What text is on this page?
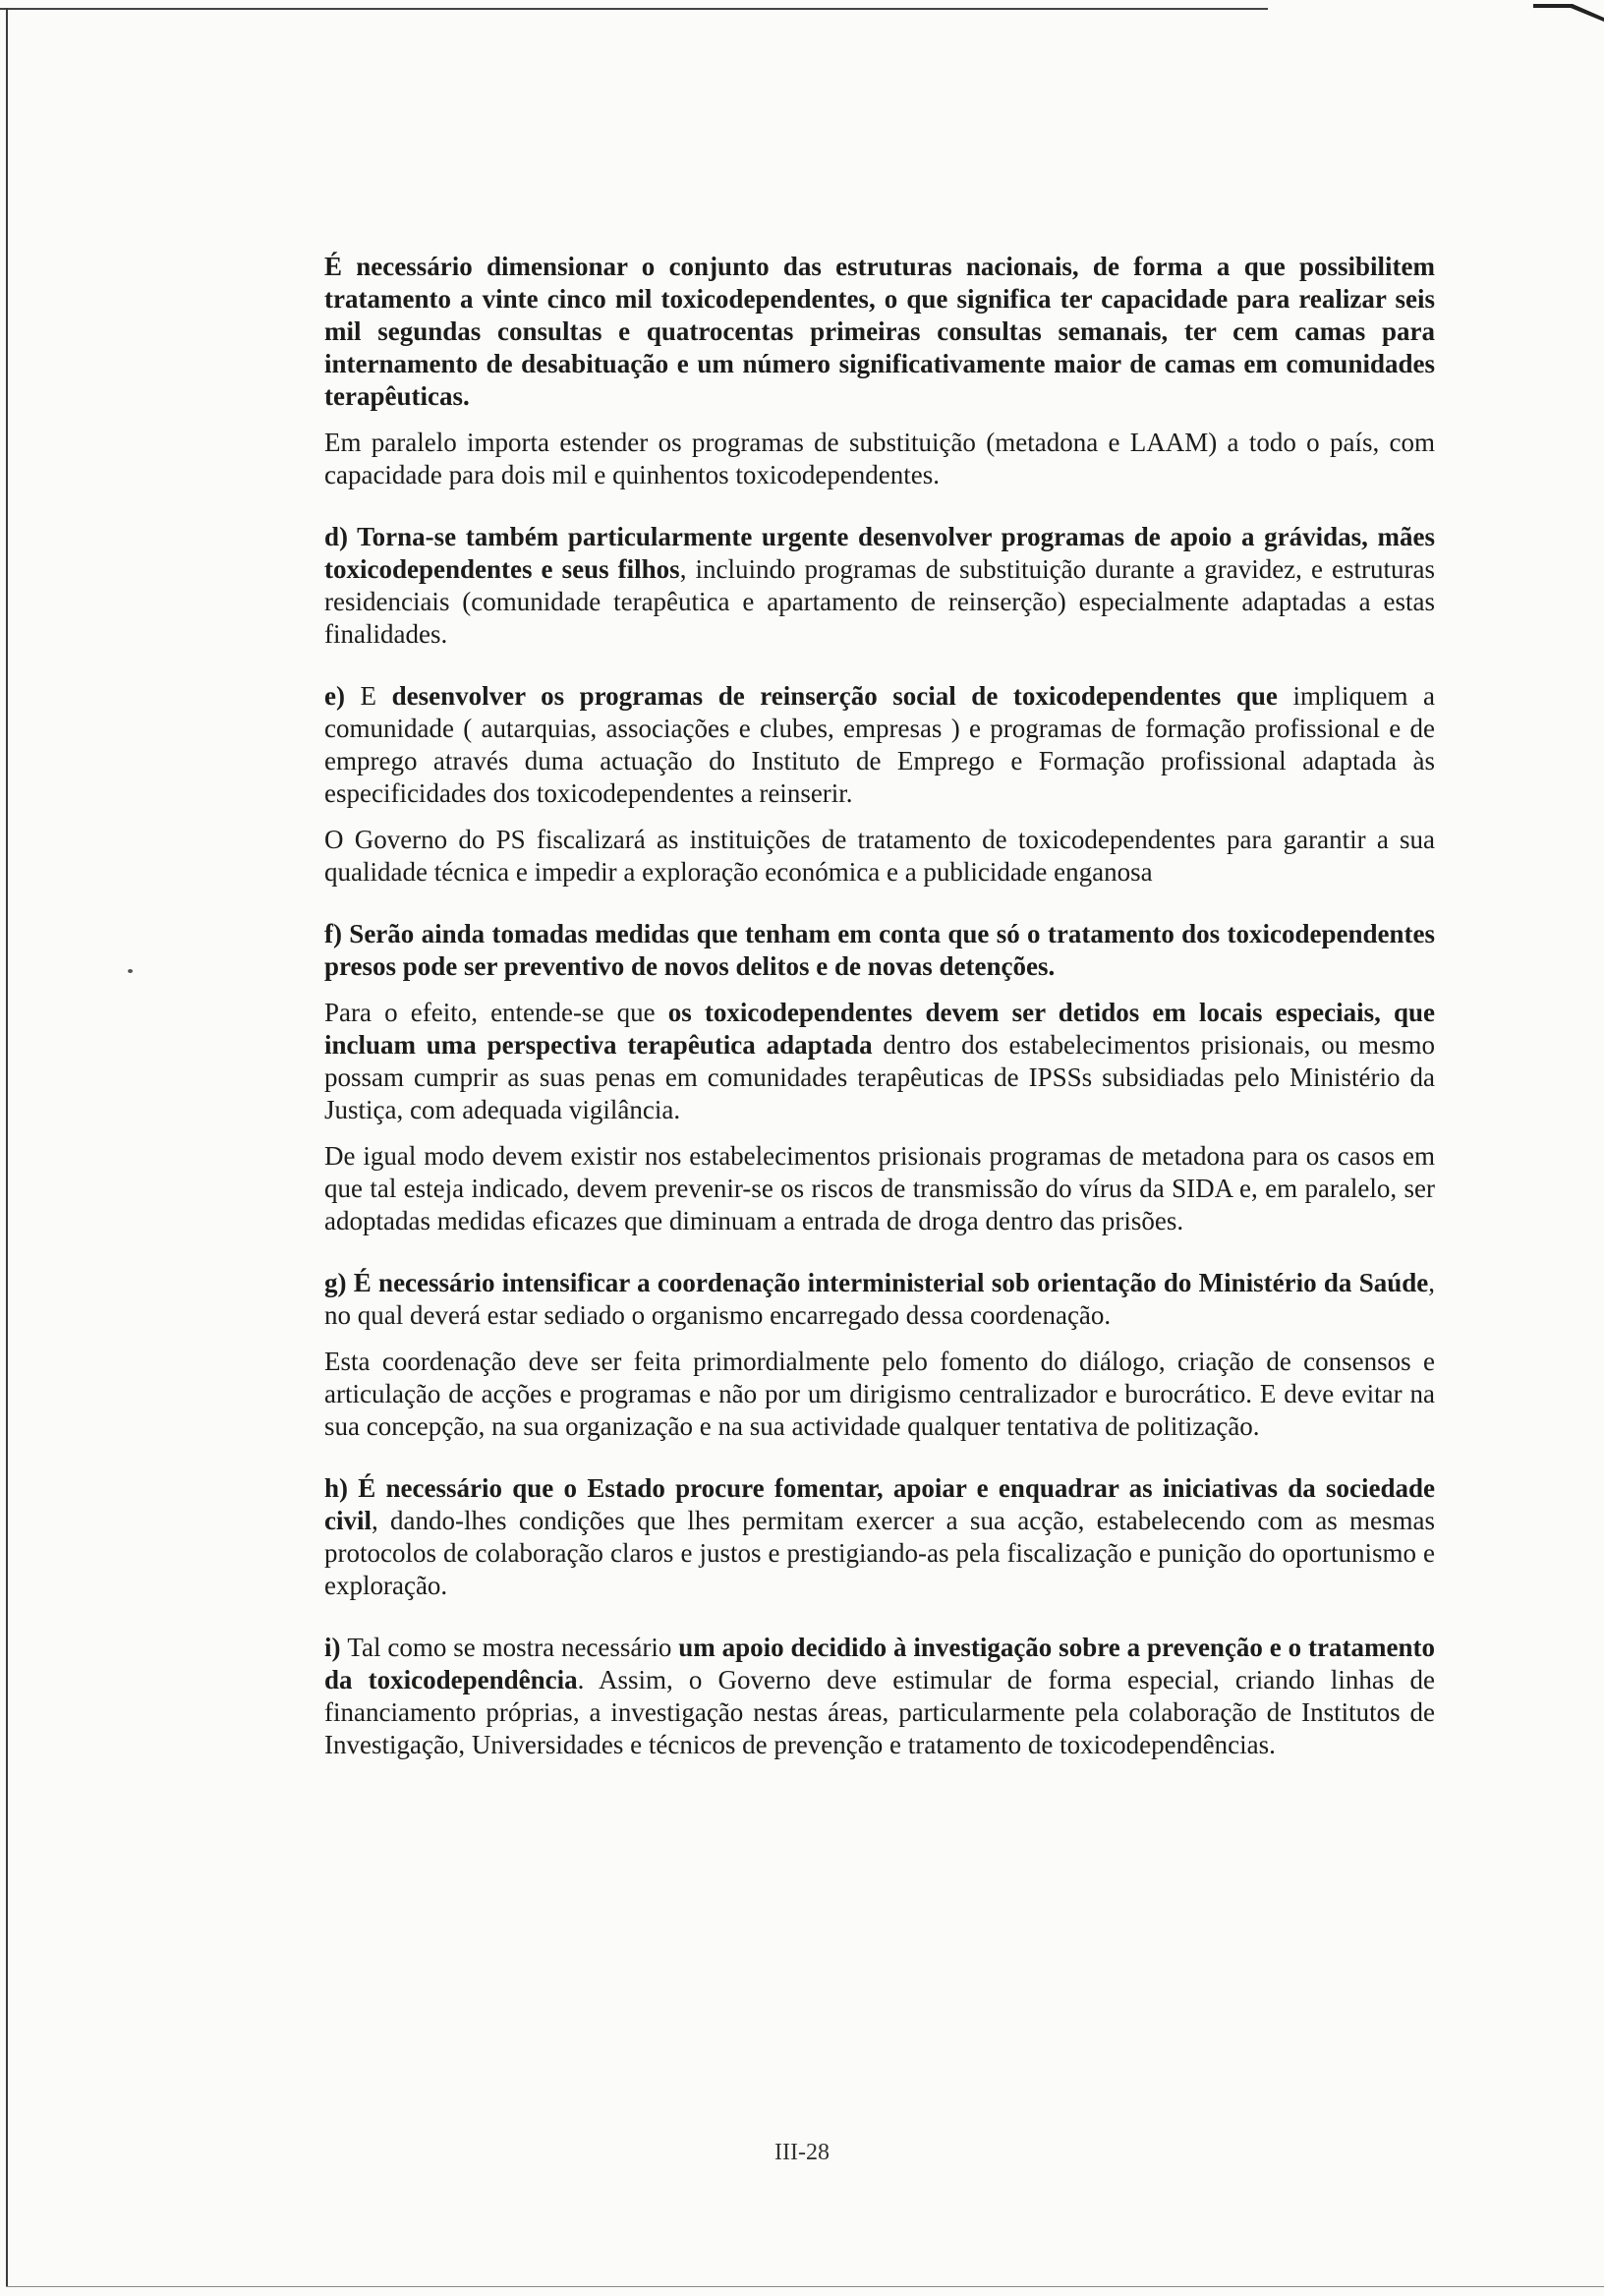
É necessário dimensionar o conjunto das estruturas nacionais, de forma a que possibilitem tratamento a vinte cinco mil toxicodependentes, o que significa ter capacidade para realizar seis mil segundas consultas e quatrocentas primeiras consultas semanais, ter cem camas para internamento de desabituação e um número significativamente maior de camas em comunidades terapêuticas.

Em paralelo importa estender os programas de substituição (metadona e LAAM) a todo o país, com capacidade para dois mil e quinhentos toxicodependentes.

d) Torna-se também particularmente urgente desenvolver programas de apoio a grávidas, mães toxicodependentes e seus filhos, incluindo programas de substituição durante a gravidez, e estruturas residenciais (comunidade terapêutica e apartamento de reinserção) especialmente adaptadas a estas finalidades.

e) E desenvolver os programas de reinserção social de toxicodependentes que impliquem a comunidade ( autarquias, associações e clubes, empresas ) e programas de formação profissional e de emprego através duma actuação do Instituto de Emprego e Formação profissional adaptada às especificidades dos toxicodependentes a reinserir.

O Governo do PS fiscalizará as instituições de tratamento de toxicodependentes para garantir a sua qualidade técnica e impedir a exploração económica e a publicidade enganosa

f) Serão ainda tomadas medidas que tenham em conta que só o tratamento dos toxicodependentes presos pode ser preventivo de novos delitos e de novas detenções.

Para o efeito, entende-se que os toxicodependentes devem ser detidos em locais especiais, que incluam uma perspectiva terapêutica adaptada dentro dos estabelecimentos prisionais, ou mesmo possam cumprir as suas penas em comunidades terapêuticas de IPSSs subsidiadas pelo Ministério da Justiça, com adequada vigilância.

De igual modo devem existir nos estabelecimentos prisionais programas de metadona para os casos em que tal esteja indicado, devem prevenir-se os riscos de transmissão do vírus da SIDA e, em paralelo, ser adoptadas medidas eficazes que diminuam a entrada de droga dentro das prisões.

g) É necessário intensificar a coordenação interministerial sob orientação do Ministério da Saúde, no qual deverá estar sediado o organismo encarregado dessa coordenação.

Esta coordenação deve ser feita primordialmente pelo fomento do diálogo, criação de consensos e articulação de acções e programas e não por um dirigismo centralizador e burocrático. E deve evitar na sua concepção, na sua organização e na sua actividade qualquer tentativa de politização.

h) É necessário que o Estado procure fomentar, apoiar e enquadrar as iniciativas da sociedade civil, dando-lhes condições que lhes permitam exercer a sua acção, estabelecendo com as mesmas protocolos de colaboração claros e justos e prestigiando-as pela fiscalização e punição do oportunismo e exploração.

i) Tal como se mostra necessário um apoio decidido à investigação sobre a prevenção e o tratamento da toxicodependência. Assim, o Governo deve estimular de forma especial, criando linhas de financiamento próprias, a investigação nestas áreas, particularmente pela colaboração de Institutos de Investigação, Universidades e técnicos de prevenção e tratamento de toxicodependências.

III-28
